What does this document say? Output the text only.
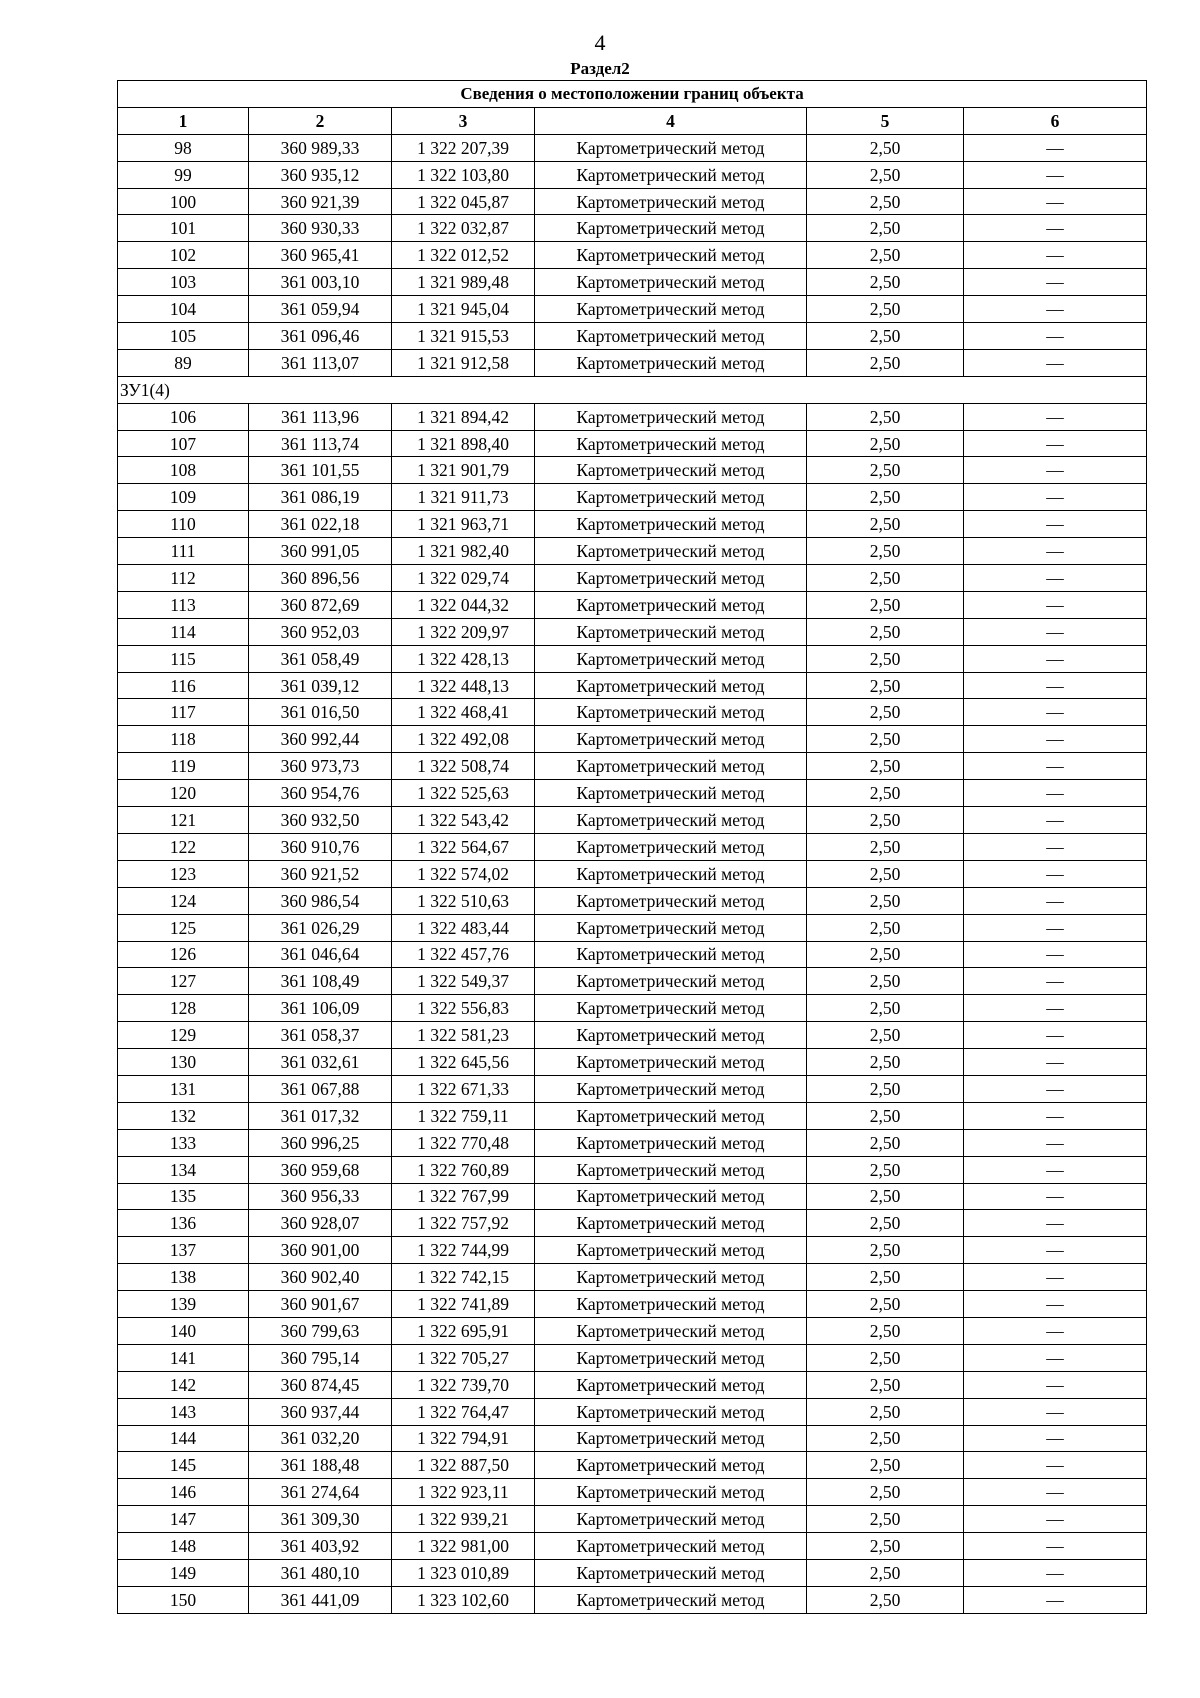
4
Раздел2
Сведения о местоположении границ объекта					
1	2	3	4	5	6
98	360 989,33	1 322 207,39	Картометрический метод	2,50	—
99	360 935,12	1 322 103,80	Картометрический метод	2,50	—
100	360 921,39	1 322 045,87	Картометрический метод	2,50	—
101	360 930,33	1 322 032,87	Картометрический метод	2,50	—
102	360 965,41	1 322 012,52	Картометрический метод	2,50	—
103	361 003,10	1 321 989,48	Картометрический метод	2,50	—
104	361 059,94	1 321 945,04	Картометрический метод	2,50	—
105	361 096,46	1 321 915,53	Картометрический метод	2,50	—
89	361 113,07	1 321 912,58	Картометрический метод	2,50	—
ЗУ1(4)					
106	361 113,96	1 321 894,42	Картометрический метод	2,50	—
107	361 113,74	1 321 898,40	Картометрический метод	2,50	—
108	361 101,55	1 321 901,79	Картометрический метод	2,50	—
109	361 086,19	1 321 911,73	Картометрический метод	2,50	—
110	361 022,18	1 321 963,71	Картометрический метод	2,50	—
111	360 991,05	1 321 982,40	Картометрический метод	2,50	—
112	360 896,56	1 322 029,74	Картометрический метод	2,50	—
113	360 872,69	1 322 044,32	Картометрический метод	2,50	—
114	360 952,03	1 322 209,97	Картометрический метод	2,50	—
115	361 058,49	1 322 428,13	Картометрический метод	2,50	—
116	361 039,12	1 322 448,13	Картометрический метод	2,50	—
117	361 016,50	1 322 468,41	Картометрический метод	2,50	—
118	360 992,44	1 322 492,08	Картометрический метод	2,50	—
119	360 973,73	1 322 508,74	Картометрический метод	2,50	—
120	360 954,76	1 322 525,63	Картометрический метод	2,50	—
121	360 932,50	1 322 543,42	Картометрический метод	2,50	—
122	360 910,76	1 322 564,67	Картометрический метод	2,50	—
123	360 921,52	1 322 574,02	Картометрический метод	2,50	—
124	360 986,54	1 322 510,63	Картометрический метод	2,50	—
125	361 026,29	1 322 483,44	Картометрический метод	2,50	—
126	361 046,64	1 322 457,76	Картометрический метод	2,50	—
127	361 108,49	1 322 549,37	Картометрический метод	2,50	—
128	361 106,09	1 322 556,83	Картометрический метод	2,50	—
129	361 058,37	1 322 581,23	Картометрический метод	2,50	—
130	361 032,61	1 322 645,56	Картометрический метод	2,50	—
131	361 067,88	1 322 671,33	Картометрический метод	2,50	—
132	361 017,32	1 322 759,11	Картометрический метод	2,50	—
133	360 996,25	1 322 770,48	Картометрический метод	2,50	—
134	360 959,68	1 322 760,89	Картометрический метод	2,50	—
135	360 956,33	1 322 767,99	Картометрический метод	2,50	—
136	360 928,07	1 322 757,92	Картометрический метод	2,50	—
137	360 901,00	1 322 744,99	Картометрический метод	2,50	—
138	360 902,40	1 322 742,15	Картометрический метод	2,50	—
139	360 901,67	1 322 741,89	Картометрический метод	2,50	—
140	360 799,63	1 322 695,91	Картометрический метод	2,50	—
141	360 795,14	1 322 705,27	Картометрический метод	2,50	—
142	360 874,45	1 322 739,70	Картометрический метод	2,50	—
143	360 937,44	1 322 764,47	Картометрический метод	2,50	—
144	361 032,20	1 322 794,91	Картометрический метод	2,50	—
145	361 188,48	1 322 887,50	Картометрический метод	2,50	—
146	361 274,64	1 322 923,11	Картометрический метод	2,50	—
147	361 309,30	1 322 939,21	Картометрический метод	2,50	—
148	361 403,92	1 322 981,00	Картометрический метод	2,50	—
149	361 480,10	1 323 010,89	Картометрический метод	2,50	—
150	361 441,09	1 323 102,60	Картометрический метод	2,50	—
